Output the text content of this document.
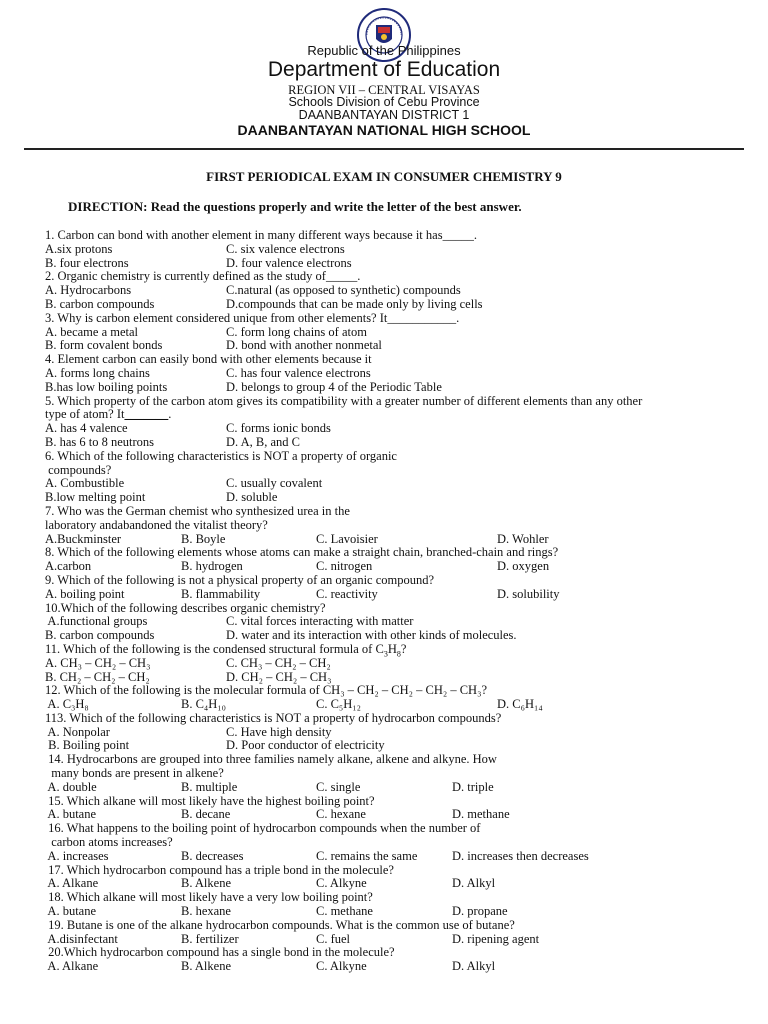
Republic of the Philippines
Department of Education
REGION VII – CENTRAL VISAYAS
Schools Division of Cebu Province
DAANBANTAYAN DISTRICT 1
DAANBANTAYAN NATIONAL HIGH SCHOOL
FIRST PERIODICAL EXAM IN CONSUMER CHEMISTRY 9
DIRECTION: Read the questions properly and write the letter of the best answer.
1. Carbon can bond with another element in many different ways because it has_____.
A.six protons	C. six valence electrons
B. four electrons	D. four valence electrons
2. Organic chemistry is currently defined as the study of_____.
A. Hydrocarbons	C.natural (as opposed to synthetic) compounds
B. carbon compounds	D.compounds that can be made only by living cells
3. Why is carbon element considered unique from other elements? It___________.
A. became a metal	C. form long chains of atom
B. form covalent bonds	D. bond with another nonmetal
4. Element carbon can easily bond with other elements because it
A. forms long chains	C. has four valence electrons
B.has low boiling points	D. belongs to group 4 of the Periodic Table
5. Which property of the carbon atom gives its compatibility with a greater number of different elements than any other
type of atom? It_______.
A. has 4 valence	C. forms ionic bonds
B. has 6 to 8 neutrons	D. A, B, and C
6. Which of the following characteristics is NOT a property of organic
compounds?
A. Combustible	C. usually covalent
B.low melting point	D. soluble
7. Who was the German chemist who synthesized urea in the
laboratory andabandoned the vitalist theory?
A.Buckminster	B. Boyle	C. Lavoisier	D. Wohler
8. Which of the following elements whose atoms can make a straight chain, branched-chain and rings?
A.carbon	B. hydrogen	C. nitrogen	D. oxygen
9. Which of the following is not a physical property of an organic compound?
A. boiling point	B. flammability	C. reactivity	D. solubility
10.Which of the following describes organic chemistry?
A.functional groups	C. vital forces interacting with matter
B. carbon compounds	D. water and its interaction with other kinds of molecules.
11. Which of the following is the condensed structural formula of $C_3H_8$?
A. CH₃ – CH₂ – CH₃	C. CH₃ – CH₂ – CH₂
B. CH₂ – CH₂ – CH₂	D. CH₂ – CH₂ – CH₃
12. Which of the following is the molecular formula of CH₃ – CH₂ – CH₂ – CH₂ – CH₃?
A. C₃H₈	B. C₄H₁₀	C. C₅H₁₂	D. C₆H₁₄
113. Which of the following characteristics is NOT a property of hydrocarbon compounds?
A. Nonpolar	C. Have high density
B. Boiling point	D. Poor conductor of electricity
14. Hydrocarbons are grouped into three families namely alkane, alkene and alkyne. How
many bonds are present in alkene?
A. double	B. multiple	C. single	D. triple
15. Which alkane will most likely have the highest boiling point?
A. butane	B. decane	C. hexane	D. methane
16. What happens to the boiling point of hydrocarbon compounds when the number of
carbon atoms increases?
A. increases	B. decreases	C. remains the same	D. increases then decreases
17. Which hydrocarbon compound has a triple bond in the molecule?
A. Alkane	B. Alkene	C. Alkyne	D. Alkyl
18. Which alkane will most likely have a very low boiling point?
A. butane	B. hexane	C. methane	D. propane
19. Butane is one of the alkane hydrocarbon compounds. What is the common use of butane?
A.disinfectant	B. fertilizer	C. fuel	D. ripening agent
20.Which hydrocarbon compound has a single bond in the molecule?
A. Alkane	B. Alkene	C. Alkyne	D. Alkyl
